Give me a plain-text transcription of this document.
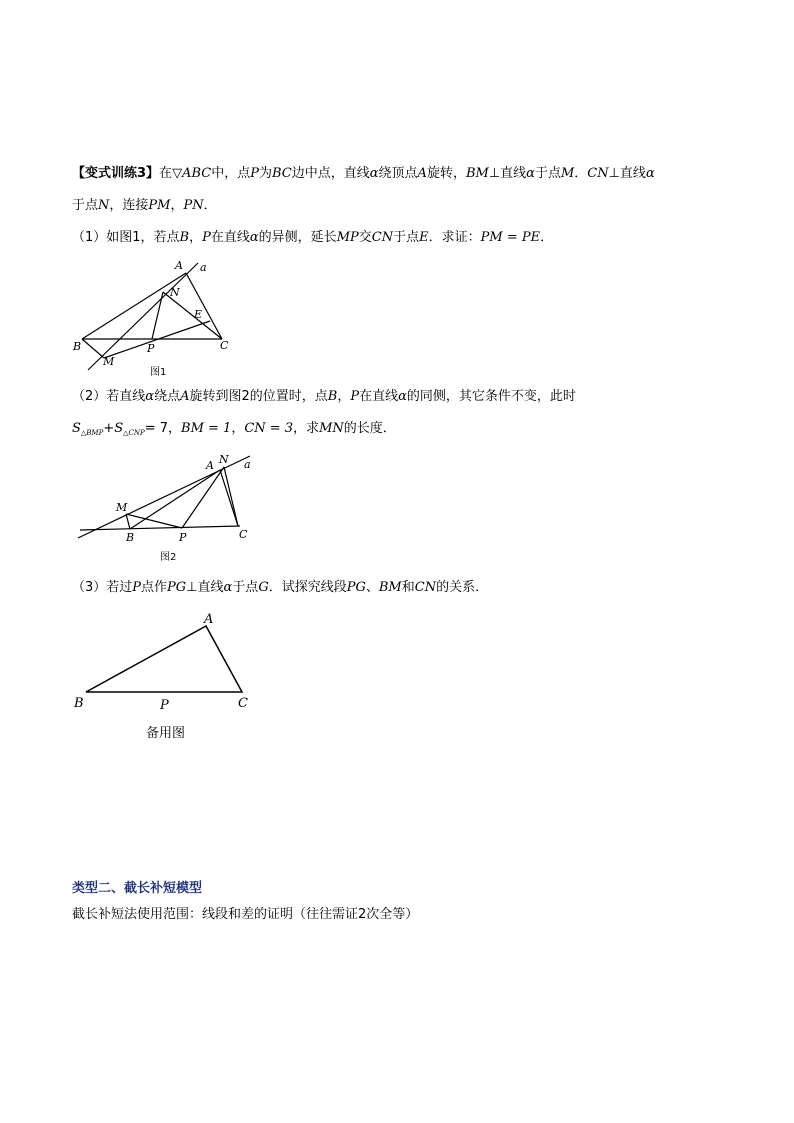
【变式训练3】在▽ABC中，点P为BC边中点，直线α绕顶点A旋转，BM⊥直线α于点M．CN⊥直线α
于点N，连接PM，PN．
（1）如图1，若点B，P在直线α的异侧，延长MP交CN于点E．求证：PM = PE．
A a
N
E
B
M
P	C
图1
（2）若直线α绕点A旋转到图2的位置时，点B，P在直线α的同侧，其它条件不变，此时
$S_{\triangle BMP}+S_{\triangle CNP}= 7$，BM = 1，CN = 3，求MN的长度．
A N a
M
B	P	C
图2
（3）若过P点作PG⊥直线α于点G．试探究线段PG、BM和CN的关系．
A
B	P	C
备用图
类型二、截长补短模型
截长补短法使用范围：线段和差的证明（往往需证2次全等）
